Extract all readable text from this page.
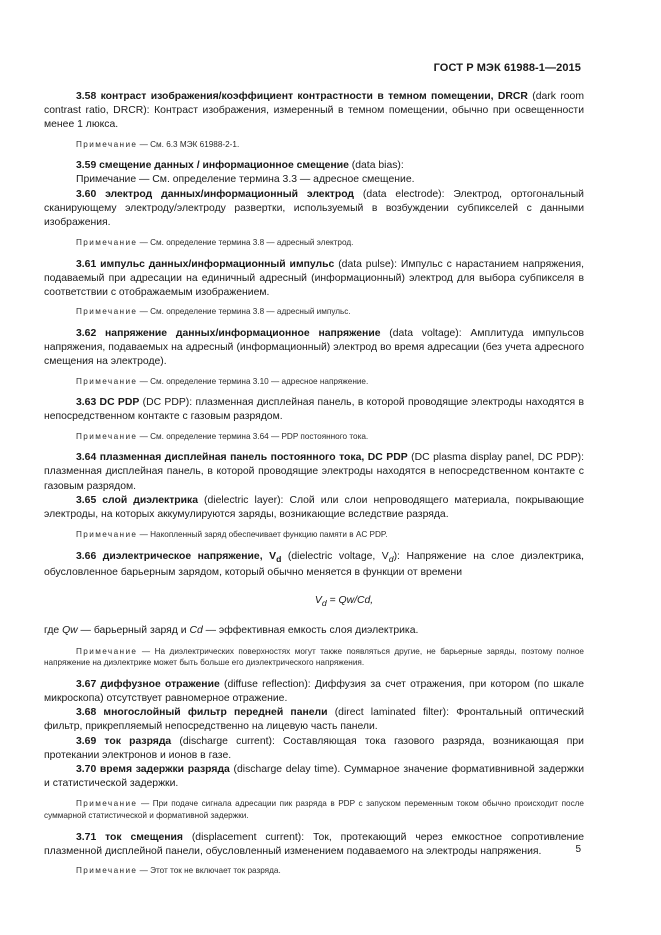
ГОСТ Р МЭК 61988-1—2015

3.58 контраст изображения/коэффициент контрастности в темном помещении, DRCR (dark room contrast ratio, DRCR): Контраст изображения, измеренный в темном помещении, обычно при освещенности менее 1 люкса.

Примечание — См. 6.3 МЭК 61988-2-1.

3.59 смещение данных / информационное смещение (data bias):

Примечание — См. определение термина 3.3 — адресное смещение.

3.60 электрод данных/информационный электрод (data electrode): Электрод, ортогональный сканирующему электроду/электроду развертки, используемый в возбуждении субпикселей с данными изображения.

Примечание — См. определение термина 3.8 — адресный электрод.

3.61 импульс данных/информационный импульс (data pulse): Импульс с нарастанием напряжения, подаваемый при адресации на единичный адресный (информационный) электрод для выбора субпикселя в соответствии с отображаемым изображением.

Примечание — См. определение термина 3.8 — адресный импульс.

3.62 напряжение данных/информационное напряжение (data voltage): Амплитуда импульсов напряжения, подаваемых на адресный (информационный) электрод во время адресации (без учета адресного смещения на электроде).

Примечание — См. определение термина 3.10 — адресное напряжение.

3.63 DC PDP (DC PDP): плазменная дисплейная панель, в которой проводящие электроды находятся в непосредственном контакте с газовым разрядом.

Примечание — См. определение термина 3.64 — PDP постоянного тока.

3.64 плазменная дисплейная панель постоянного тока, DC PDP (DC plasma display panel, DC PDP): плазменная дисплейная панель, в которой проводящие электроды находятся в непосредственном контакте с газовым разрядом.

3.65 слой диэлектрика (dielectric layer): Слой или слои непроводящего материала, покрывающие электроды, на которых аккумулируются заряды, возникающие вследствие разряда.

Примечание — Накопленный заряд обеспечивает функцию памяти в AC PDP.

3.66 диэлектрическое напряжение, $V_d$ (dielectric voltage, $V_d$): Напряжение на слое диэлектрика, обусловленное барьерным зарядом, который обычно меняется в функции от времени

$V_d = Qw/Cd$,

где Qw — барьерный заряд и Cd — эффективная емкость слоя диэлектрика.

Примечание — На диэлектрических поверхностях могут также появляться другие, не барьерные заряды, поэтому полное напряжение на диэлектрике может быть больше его диэлектрического напряжения.

3.67 диффузное отражение (diffuse reflection): Диффузия за счет отражения, при котором (по шкале микроскопа) отсутствует равномерное отражение.

3.68 многослойный фильтр передней панели (direct laminated filter): Фронтальный оптический фильтр, прикрепляемый непосредственно на лицевую часть панели.

3.69 ток разряда (discharge current): Составляющая тока газового разряда, возникающая при протекании электронов и ионов в газе.

3.70 время задержки разряда (discharge delay time). Суммарное значение формативнивной задержки и статистической задержки.

Примечание — При подаче сигнала адресации пик разряда в PDP с запуском переменным током обычно происходит после суммарной статистической и формативной задержки.

3.71 ток смещения (displacement current): Ток, протекающий через емкостное сопротивление плазменной дисплейной панели, обусловленный изменением подаваемого на электроды напряжения.

Примечание — Этот ток не включает ток разряда.

5
